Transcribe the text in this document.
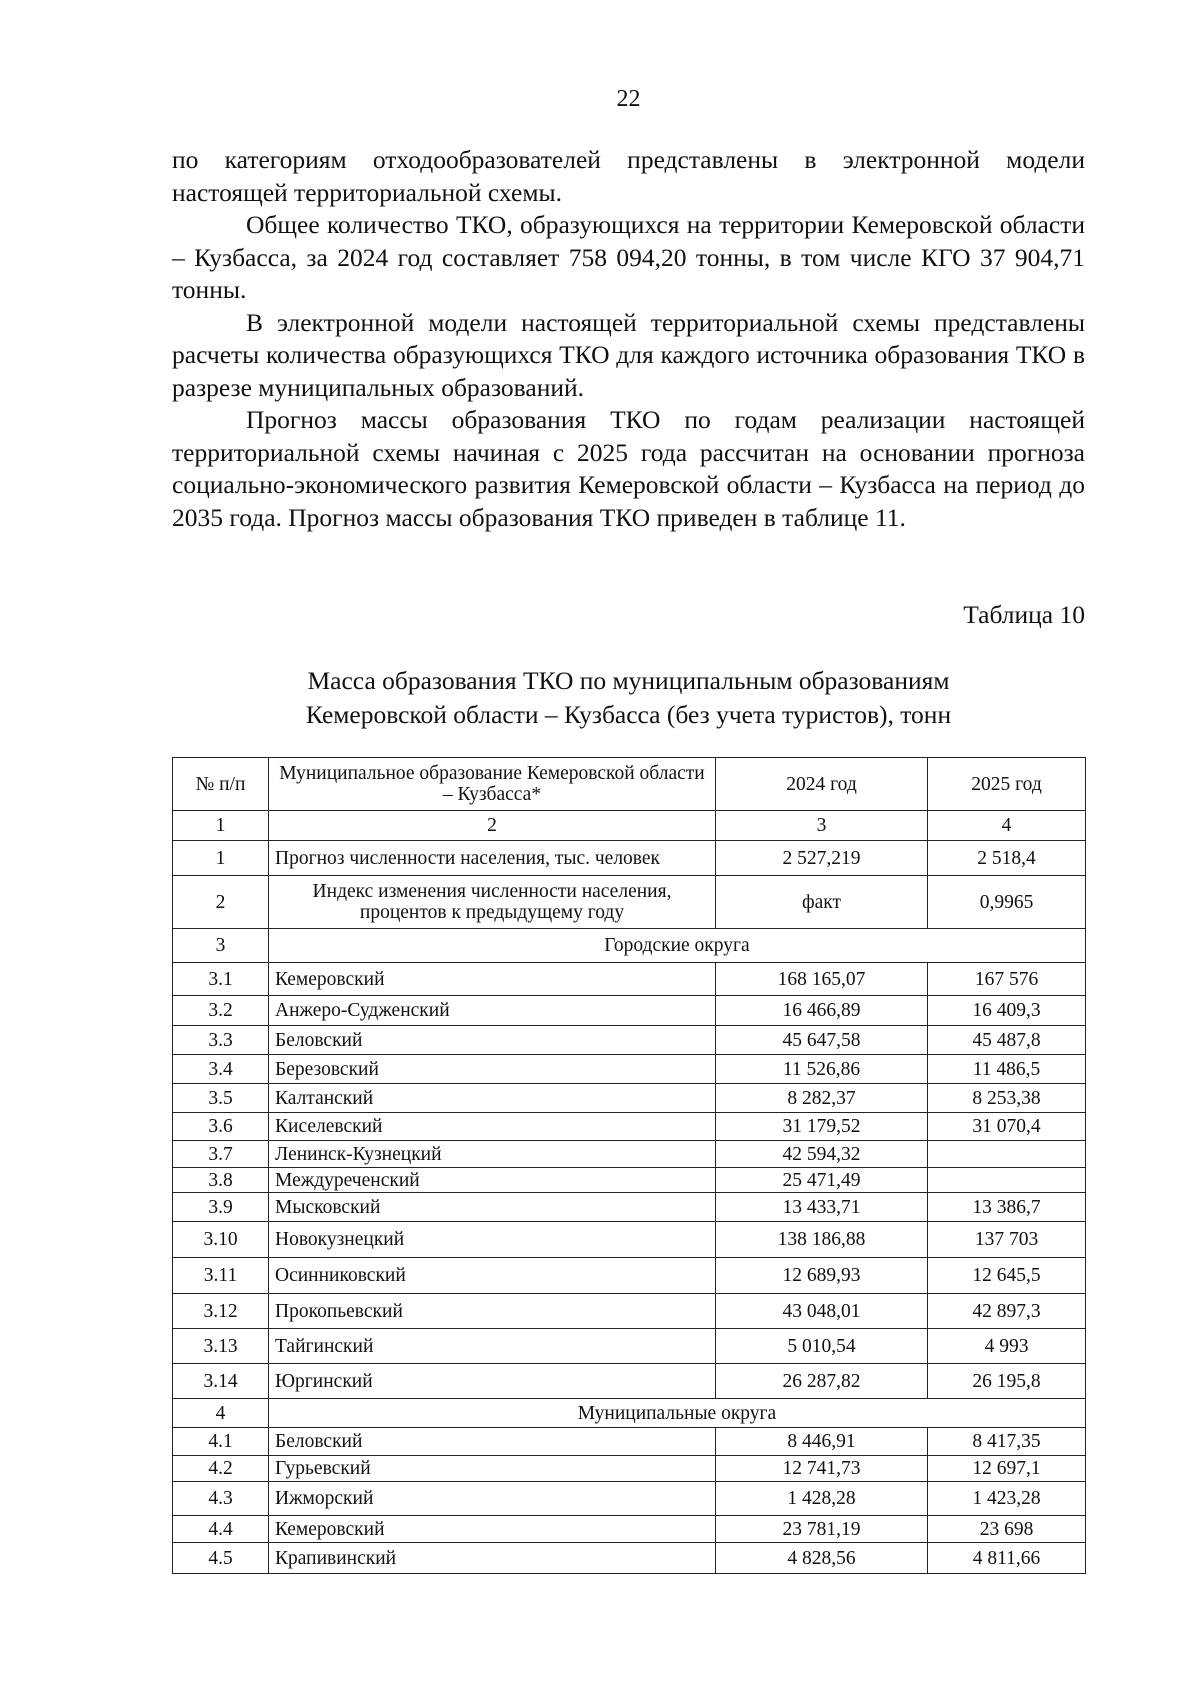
22

по категориям отходообразователей представлены в электронной модели настоящей территориальной схемы.

Общее количество ТКО, образующихся на территории Кемеровской области – Кузбасса, за 2024 год составляет 758 094,20 тонны, в том числе КГО 37 904,71 тонны.

В электронной модели настоящей территориальной схемы представлены расчеты количества образующихся ТКО для каждого источника образования ТКО в разрезе муниципальных образований.

Прогноз массы образования ТКО по годам реализации настоящей территориальной схемы начиная с 2025 года рассчитан на основании прогноза социально-экономического развития Кемеровской области – Кузбасса на период до 2035 года. Прогноз массы образования ТКО приведен в таблице 11.

Таблица 10
Масса образования ТКО по муниципальным образованиям
Кемеровской области – Кузбасса (без учета туристов), тонн
№ п/п	Муниципальное образование Кемеровской области – Кузбасса*	2024 год	2025 год
1	2	3	4
1	Прогноз численности населения, тыс. человек	2 527,219	2 518,4
2	Индекс изменения численности населения, процентов к предыдущему году	факт	0,9965
3	Городские округа		
3.1	Кемеровский	168 165,07	167 576
3.2	Анжеро-Судженский	16 466,89	16 409,3
3.3	Беловский	45 647,58	45 487,8
3.4	Березовский	11 526,86	11 486,5
3.5	Калтанский	8 282,37	8 253,38
3.6	Киселевский	31 179,52	31 070,4
3.7	Ленинск-Кузнецкий	42 594,32	
3.8	Междуреченский	25 471,49	
3.9	Мысковский	13 433,71	13 386,7
3.10	Новокузнецкий	138 186,88	137 703
3.11	Осинниковский	12 689,93	12 645,5
3.12	Прокопьевский	43 048,01	42 897,3
3.13	Тайгинский	5 010,54	4 993
3.14	Юргинский	26 287,82	26 195,8
4	Муниципальные округа		
4.1	Беловский	8 446,91	8 417,35
4.2	Гурьевский	12 741,73	12 697,1
4.3	Ижморский	1 428,28	1 423,28
4.4	Кемеровский	23 781,19	23 698
4.5	Крапивинский	4 828,56	4 811,66
